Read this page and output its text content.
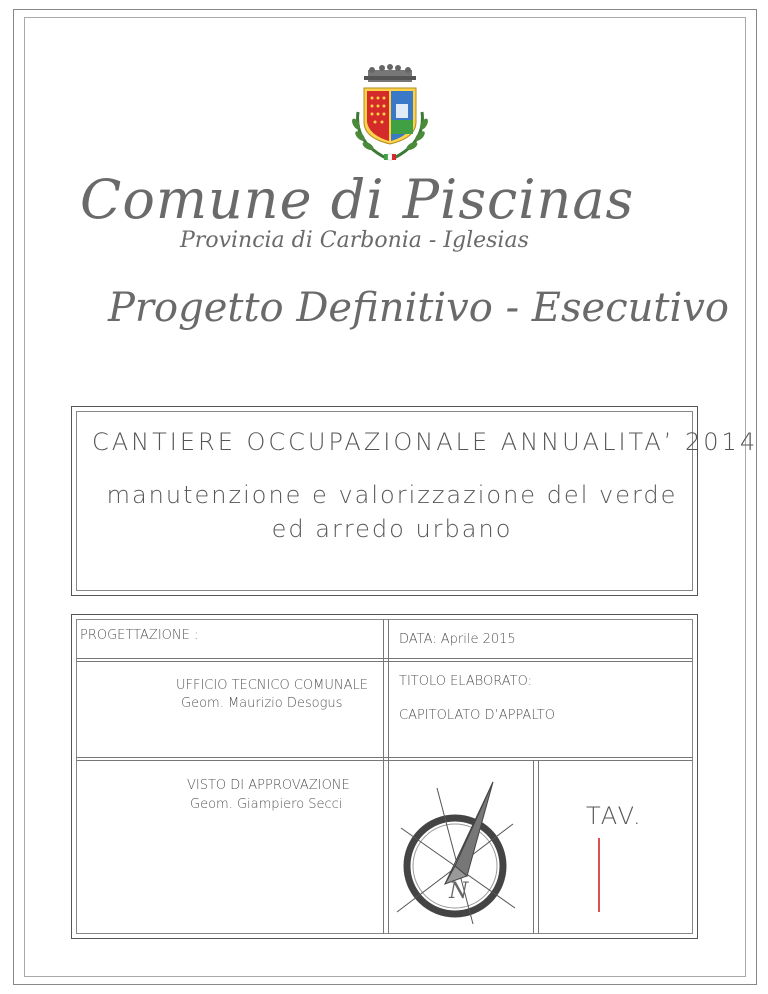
Comune di Piscinas
Provincia di Carbonia - Iglesias
Progetto Definitivo - Esecutivo
CANTIERE OCCUPAZIONALE ANNUALITA’ 2014
manutenzione e valorizzazione del verde ed arredo urbano
PROGETTAZIONE :	DATA: Aprile 2015
UFFICIO TECNICO COMUNALE
Geom. Maurizio Desogus
TITOLO ELABORATO:
CAPITOLATO D’APPALTO
VISTO DI APPROVAZIONE
Geom. Giampiero Secci
N
TAV.
